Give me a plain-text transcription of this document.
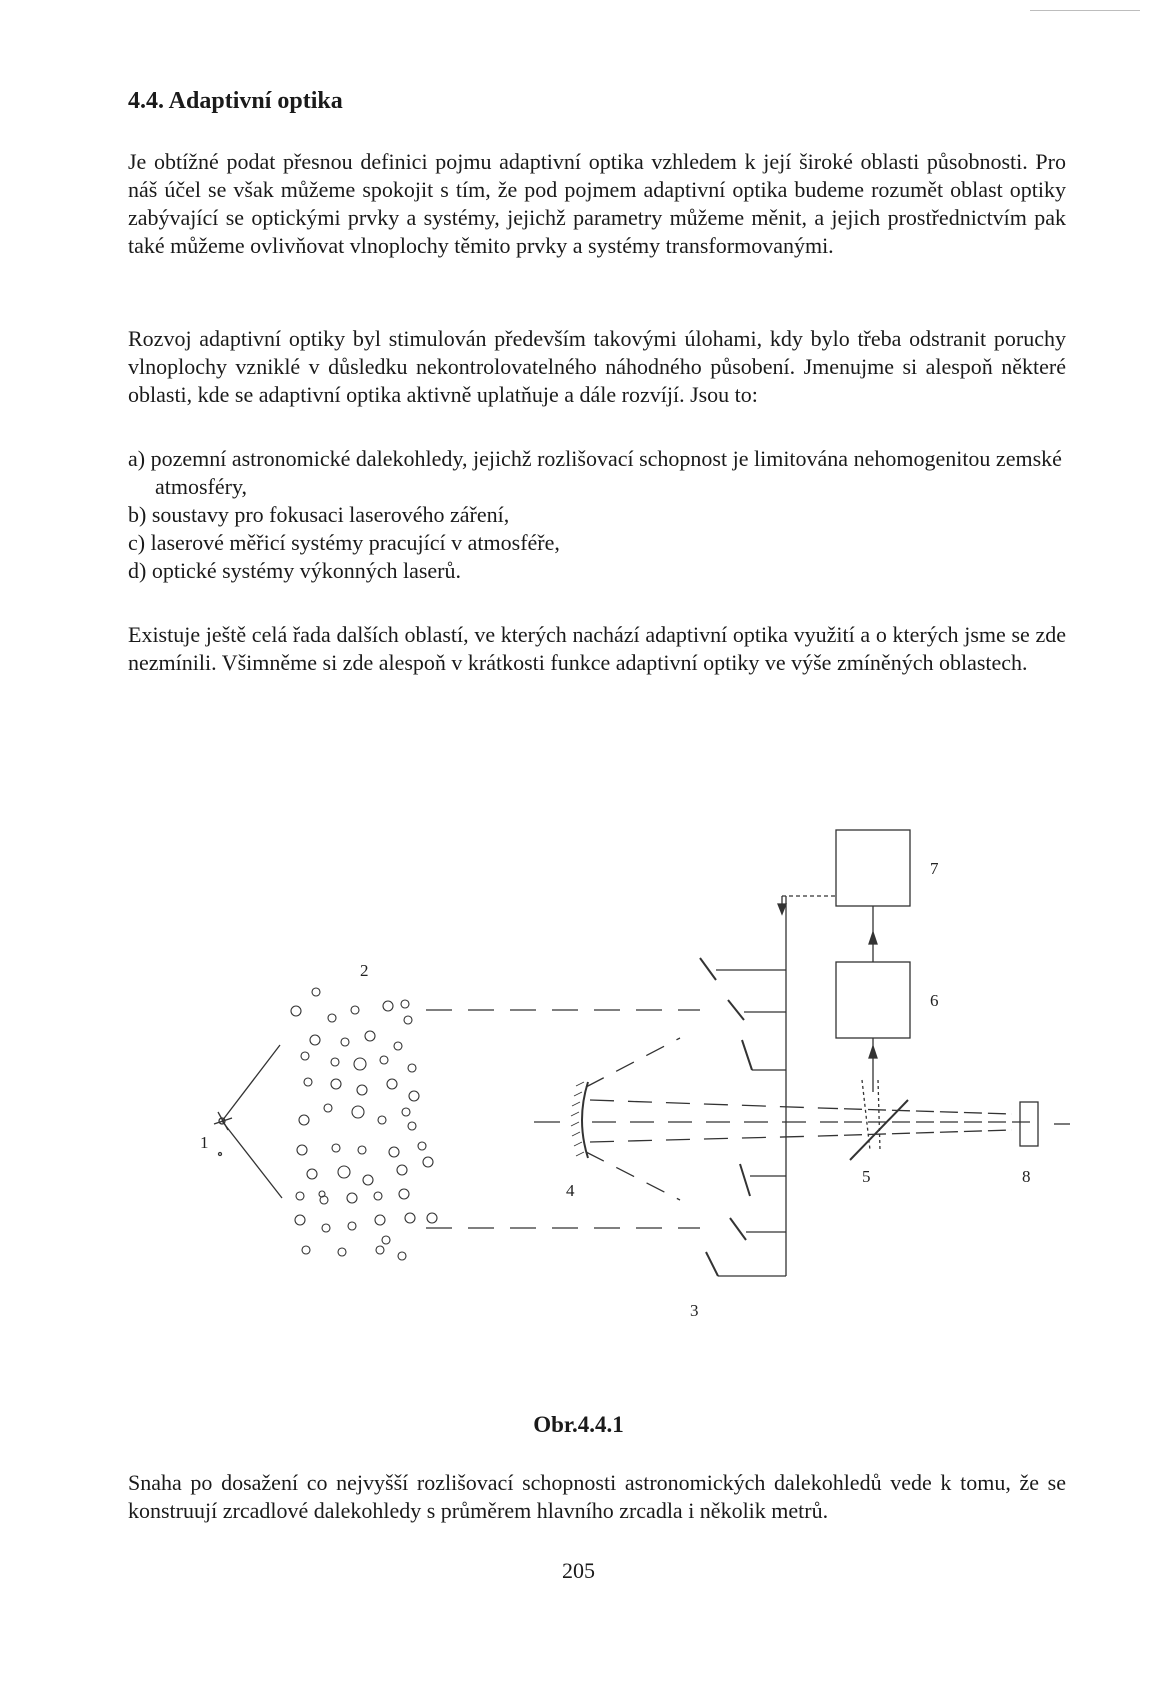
4.4. Adaptivní optika

Je obtížné podat přesnou definici pojmu adaptivní optika vzhledem k její široké oblasti působnosti. Pro náš účel se však můžeme spokojit s tím, že pod pojmem adaptivní optika budeme rozumět oblast optiky zabývající se optickými prvky a systémy, jejichž parametry můžeme měnit, a jejich prostřednictvím pak také můžeme ovlivňovat vlnoplochy těmito prvky a systémy transformovanými.

Rozvoj adaptivní optiky byl stimulován především takovými úlohami, kdy bylo třeba odstranit poruchy vlnoplochy vzniklé v důsledku nekontrolovatelného náhodného působení. Jmenujme si alespoň některé oblasti, kde se adaptivní optika aktivně uplatňuje a dále rozvíjí. Jsou to:

a) pozemní astronomické dalekohledy, jejichž rozlišovací schopnost je limitována nehomogenitou zemské atmosféry,
b) soustavy pro fokusaci laserového záření,
c) laserové měřicí systémy pracující v atmosféře,
d) optické systémy výkonných laserů.

Existuje ještě celá řada dalších oblastí, ve kterých nachází adaptivní optika využití a o kterých jsme se zde nezmínili. Všimněme si zde alespoň v krátkosti funkce adaptivní optiky ve výše zmíněných oblastech.

1
2
3
4
5
6
7
8

Obr.4.4.1

Snaha po dosažení co nejvyšší rozlišovací schopnosti astronomických dalekohledů vede k tomu, že se konstruují zrcadlové dalekohledy s průměrem hlavního zrcadla i několik metrů.

205
